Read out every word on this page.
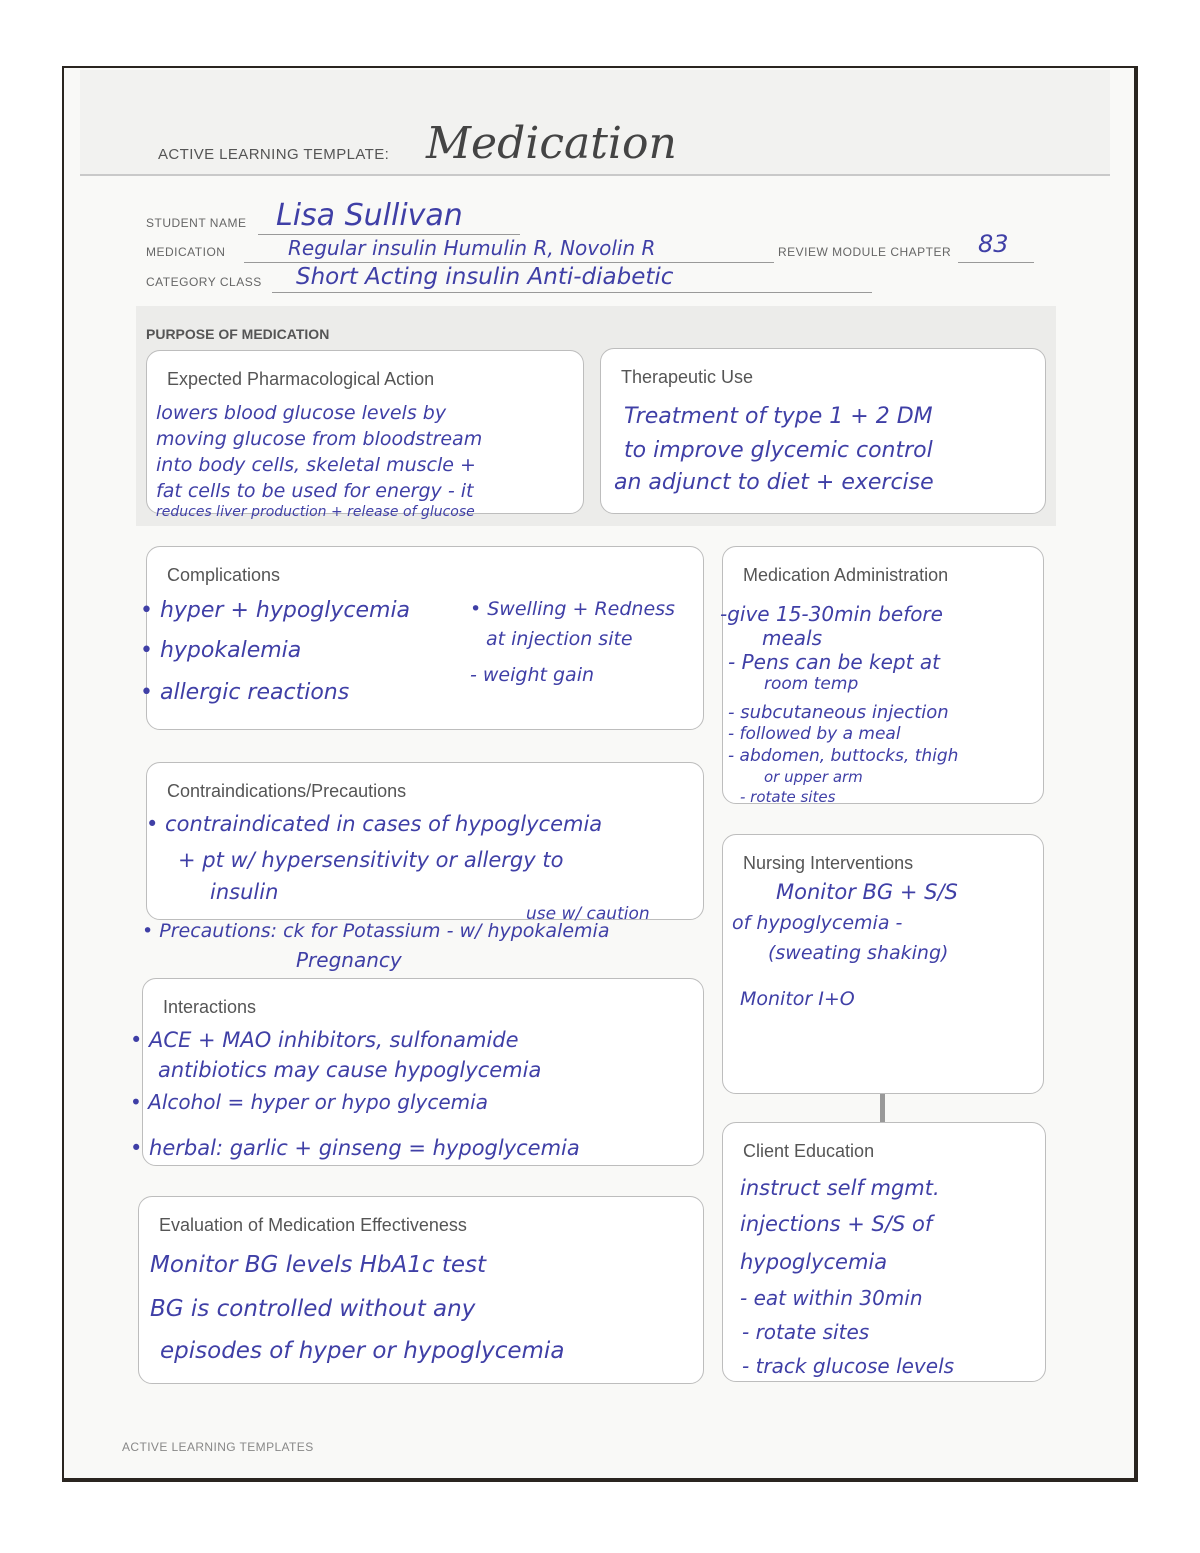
ACTIVE LEARNING TEMPLATE: Medication
STUDENT NAME Lisa Sullivan
MEDICATION	Regular insulin Humulin R, Novolin R	REVIEW MODULE CHAPTER 83
CATEGORY CLASS Short Acting insulin Anti-diabetic
PURPOSE OF MEDICATION
Expected Pharmacological Action
lowers blood glucose levels by
moving glucose from bloodstream
into body cells, skeletal muscle +
fat cells to be used for energy - it
reduces liver production + release of glucose
Therapeutic Use
Treatment of type 1 + 2 DM
to improve glycemic control
an adjunct to diet + exercise
Complications
• hyper + hypoglycemia
• hypokalemia
• allergic reactions
• Swelling + Redness
at injection site
- weight gain
Medication Administration
-give 15-30min before
meals
- Pens can be kept at
room temp
- subcutaneous injection
- followed by a meal
- abdomen, buttocks, thigh
or upper arm
- rotate sites
Contraindications/Precautions
• contraindicated in cases of hypoglycemia
+ pt w/ hypersensitivity or allergy to
insulin
use w/ caution
• Precautions: ck for Potassium - w/ hypokalemia
Pregnancy
Nursing Interventions
Monitor BG + S/S
of hypoglycemia -
(sweating shaking)
Monitor I+O
Interactions
• ACE + MAO inhibitors, sulfonamide
antibiotics may cause hypoglycemia
• Alcohol = hyper or hypo glycemia
• herbal: garlic + ginseng = hypoglycemia	Client Education
instruct self mgmt.
injections + S/S of
hypoglycemia
- eat within 30min
- rotate sites
- track glucose levels
Evaluation of Medication Effectiveness
Monitor BG levels HbA1c test
BG is controlled without any
episodes of hyper or hypoglycemia
ACTIVE LEARNING TEMPLATES
